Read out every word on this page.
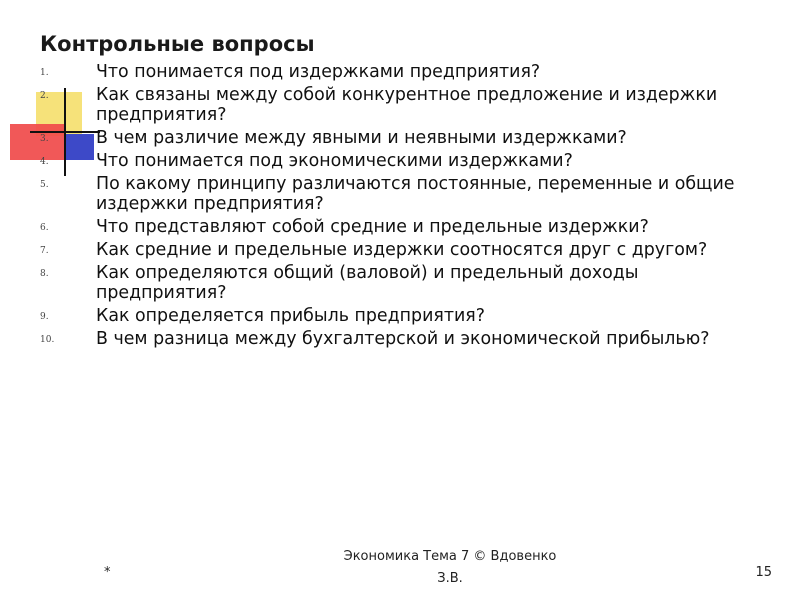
Контрольные вопросы
1.	Что понимается под издержками предприятия?
2.	Как связаны между собой конкурентное предложение и издержки предприятия?
3.	В чем различие между явными и неявными издержками?
4.	Что понимается под экономическими издержками?
5.	По какому принципу различаются постоянные, переменные и общие издержки предприятия?
6.	Что представляют собой средние и предельные издержки?
7.	Как средние и предельные издержки соотносятся друг с другом?
8.	Как определяются общий (валовой) и предельный доходы предприятия?
9.	Как определяется прибыль предприятия?
10. В чем разница между бухгалтерской и экономической прибылью?
Экономика Тема 7 © Вдовенко
З.В.
*	15
